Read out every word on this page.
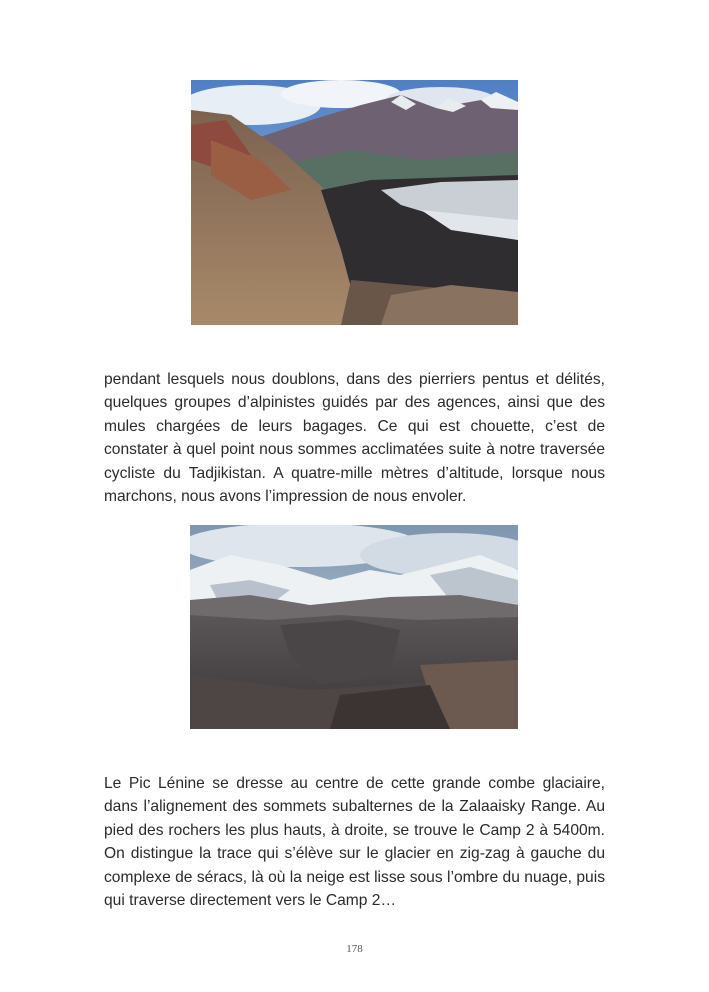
pendant lesquels nous doublons, dans des pierriers pentus et délités, quelques groupes d’alpinistes guidés par des agences, ainsi que des mules chargées de leurs bagages. Ce qui est chouette, c’est de constater à quel point nous sommes acclimatées suite à notre traversée cycliste du Tadjikistan. A quatre-mille mètres d’altitude, lorsque nous marchons, nous avons l’impression de nous envoler.

Le Pic Lénine se dresse au centre de cette grande combe glaciaire, dans l’alignement des sommets subalternes de la Zalaaisky Range. Au pied des rochers les plus hauts, à droite, se trouve le Camp 2 à 5400m. On distingue la trace qui s’élève sur le glacier en zig-zag à gauche du complexe de séracs, là où la neige est lisse sous l’ombre du nuage, puis qui traverse directement vers le Camp 2…

178
